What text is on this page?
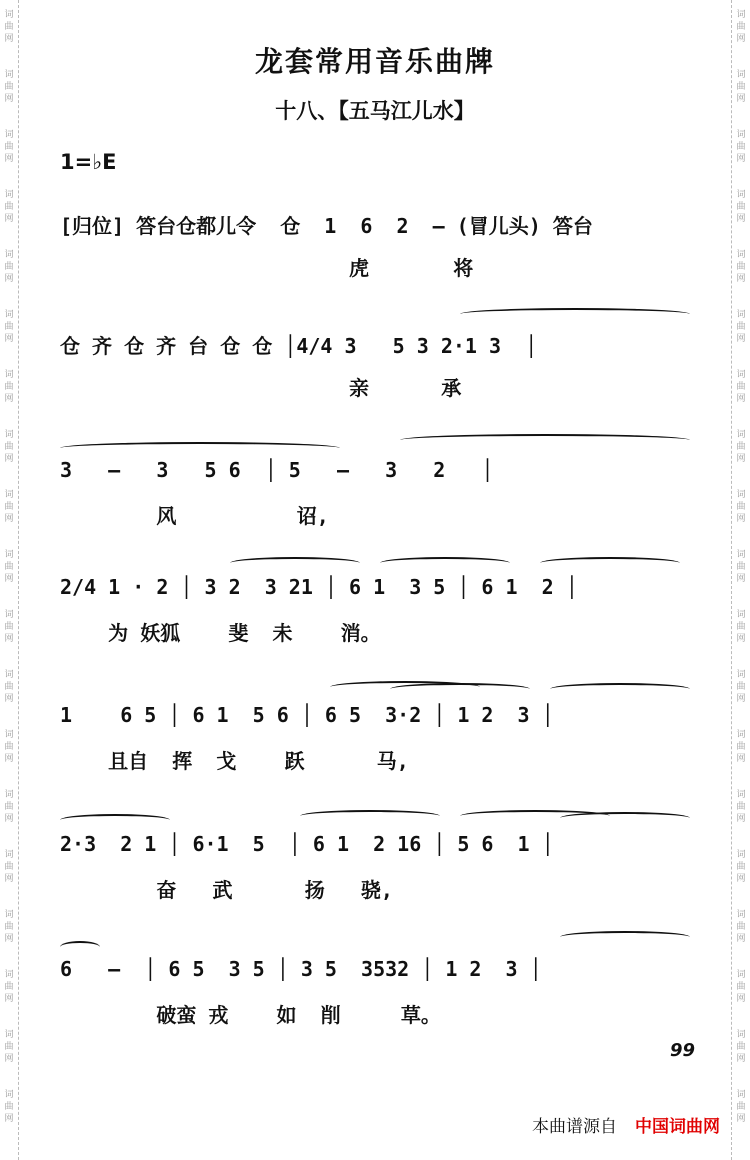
词
曲
网
词
曲
网
词
曲
网
词
曲
网
词
曲
网
词
曲
网
词
曲
网
词
曲
网
词
曲
网
词
曲
网
词
曲
网
词
曲
网
词
曲
网
词
曲
网
词
曲
网
词
曲
网
词
曲
网
词
曲
网
词
曲
网
词
曲
网
词
曲
网
词
曲
网
词
曲
网
词
曲
网
词
曲
网
词
曲
网
词
曲
网
词
曲
网
词
曲
网
词
曲
网
词
曲
网
词
曲
网
词
曲
网
词
曲
网
词
曲
网
词
曲
网
词
曲
网
词
曲
网
龙套常用音乐曲牌
十八、【五马江儿水】
1=♭E
[归位] 答台仓都儿令  仓  1  6  2  – (冒儿头) 答台
虎       将
仓 齐 仓 齐 台 仓 仓 │4/4 3   5 3 2·1 3  │
亲      承
3   –   3   5 6  │ 5   –   3   2   │
风          诏,
2/4 1 · 2 │ 3 2  3 21 │ 6 1  3 5 │ 6 1  2 │
为 妖狐    斐  未    消。
1    6 5 │ 6 1  5 6 │ 6 5  3·2 │ 1 2  3 │
且自  挥  戈    跃      马,
2·3  2 1 │ 6·1  5  │ 6 1  2 16 │ 5 6  1 │
奋   武      扬   骁,
6   –  │ 6 5  3 5 │ 3 5  3532 │ 1 2  3 │
破蛮 戎    如  削     草。
99
本曲谱源自 中国词曲网
